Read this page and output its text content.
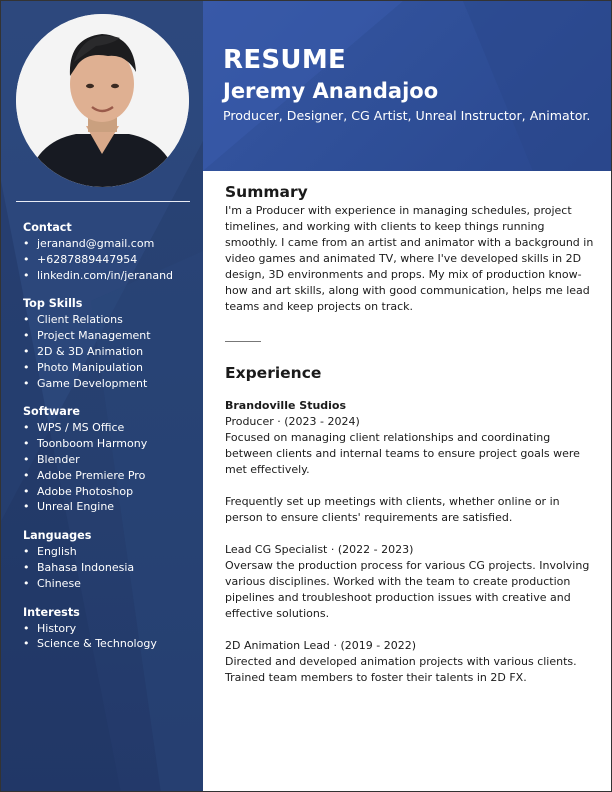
Contact
• jeranand@gmail.com
• +6287889447954
• linkedin.com/in/jeranand
Top Skills
• Client Relations
• Project Management
• 2D & 3D Animation
• Photo Manipulation
• Game Development
Software
• WPS / MS Office
• Toonboom Harmony
• Blender
• Adobe Premiere Pro
• Adobe Photoshop
• Unreal Engine
Languages
• English
• Bahasa Indonesia
• Chinese
Interests
• History
• Science & Technology
RESUME
Jeremy Anandajoo
Producer, Designer, CG Artist, Unreal Instructor, Animator.
Summary

I'm a Producer with experience in managing schedules, project timelines, and working with clients to keep things running smoothly. I came from an artist and animator with a background in video games and animated TV, where I've developed skills in 2D design, 3D environments and props. My mix of production know-how and art skills, along with good communication, helps me lead teams and keep projects on track.

Experience
Brandoville Studios

Producer · (2023 - 2024)

Focused on managing client relationships and coordinating between clients and internal teams to ensure project goals were met effectively.

Frequently set up meetings with clients, whether online or in person to ensure clients' requirements are satisfied.

Lead CG Specialist · (2022 - 2023)

Oversaw the production process for various CG projects. Involving various disciplines. Worked with the team to create production pipelines and troubleshoot production issues with creative and effective solutions.

2D Animation Lead · (2019 - 2022)

Directed and developed animation projects with various clients. Trained team members to foster their talents in 2D FX.
